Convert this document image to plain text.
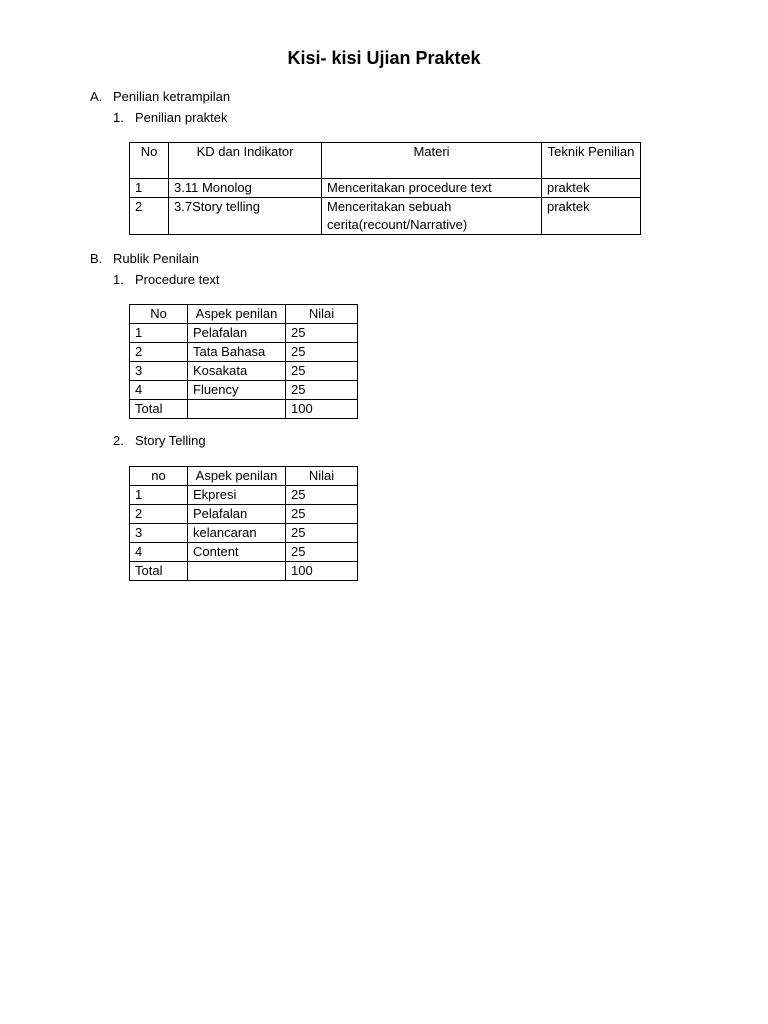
Kisi- kisi Ujian Praktek
A. Penilian ketrampilan
1. Penilian praktek
No	KD dan Indikator	Materi	Teknik Penilian
1	3.11 Monolog	Menceritakan procedure text	praktek
2	3.7Story telling	Menceritakan sebuah cerita(recount/Narrative)	praktek
B. Rublik Penilain
1. Procedure text
No	Aspek penilan	Nilai
1	Pelafalan	25
2	Tata Bahasa	25
3	Kosakata	25
4	Fluency	25
Total		100
2. Story Telling
no	Aspek penilan	Nilai
1	Ekpresi	25
2	Pelafalan	25
3	kelancaran	25
4	Content	25
Total		100
